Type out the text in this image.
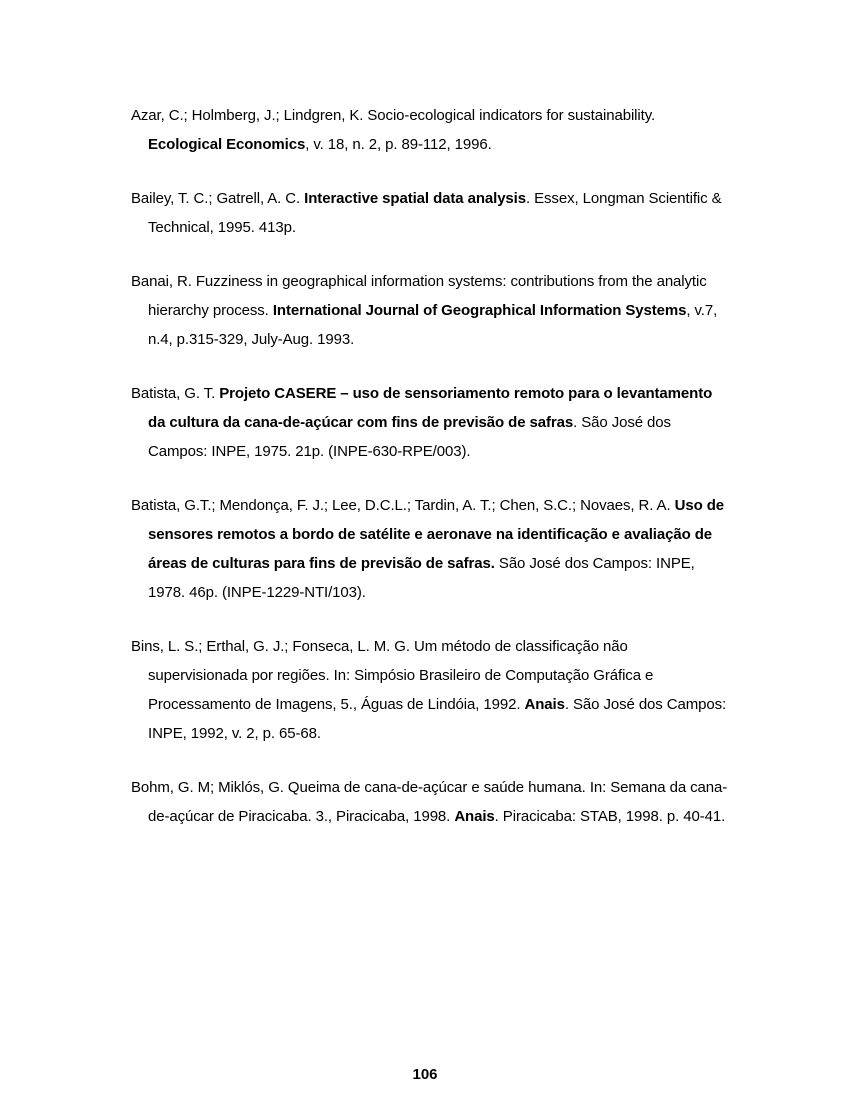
Azar, C.; Holmberg, J.; Lindgren, K. Socio-ecological indicators for sustainability. Ecological Economics, v. 18, n. 2, p. 89-112, 1996.

Bailey, T. C.; Gatrell, A. C. Interactive spatial data analysis. Essex, Longman Scientific & Technical, 1995. 413p.

Banai, R. Fuzziness in geographical information systems: contributions from the analytic hierarchy process. International Journal of Geographical Information Systems, v.7, n.4, p.315-329, July-Aug. 1993.

Batista, G. T. Projeto CASERE – uso de sensoriamento remoto para o levantamento da cultura da cana-de-açúcar com fins de previsão de safras. São José dos Campos: INPE, 1975. 21p. (INPE-630-RPE/003).

Batista, G.T.; Mendonça, F. J.; Lee, D.C.L.; Tardin, A. T.; Chen, S.C.; Novaes, R. A. Uso de sensores remotos a bordo de satélite e aeronave na identificação e avaliação de áreas de culturas para fins de previsão de safras. São José dos Campos: INPE, 1978. 46p. (INPE-1229-NTI/103).

Bins, L. S.; Erthal, G. J.; Fonseca, L. M. G. Um método de classificação não supervisionada por regiões. In: Simpósio Brasileiro de Computação Gráfica e Processamento de Imagens, 5., Águas de Lindóia, 1992. Anais. São José dos Campos: INPE, 1992, v. 2, p. 65-68.

Bohm, G. M; Miklós, G. Queima de cana-de-açúcar e saúde humana. In: Semana da cana-de-açúcar de Piracicaba. 3., Piracicaba, 1998. Anais. Piracicaba: STAB, 1998. p. 40-41.

106
